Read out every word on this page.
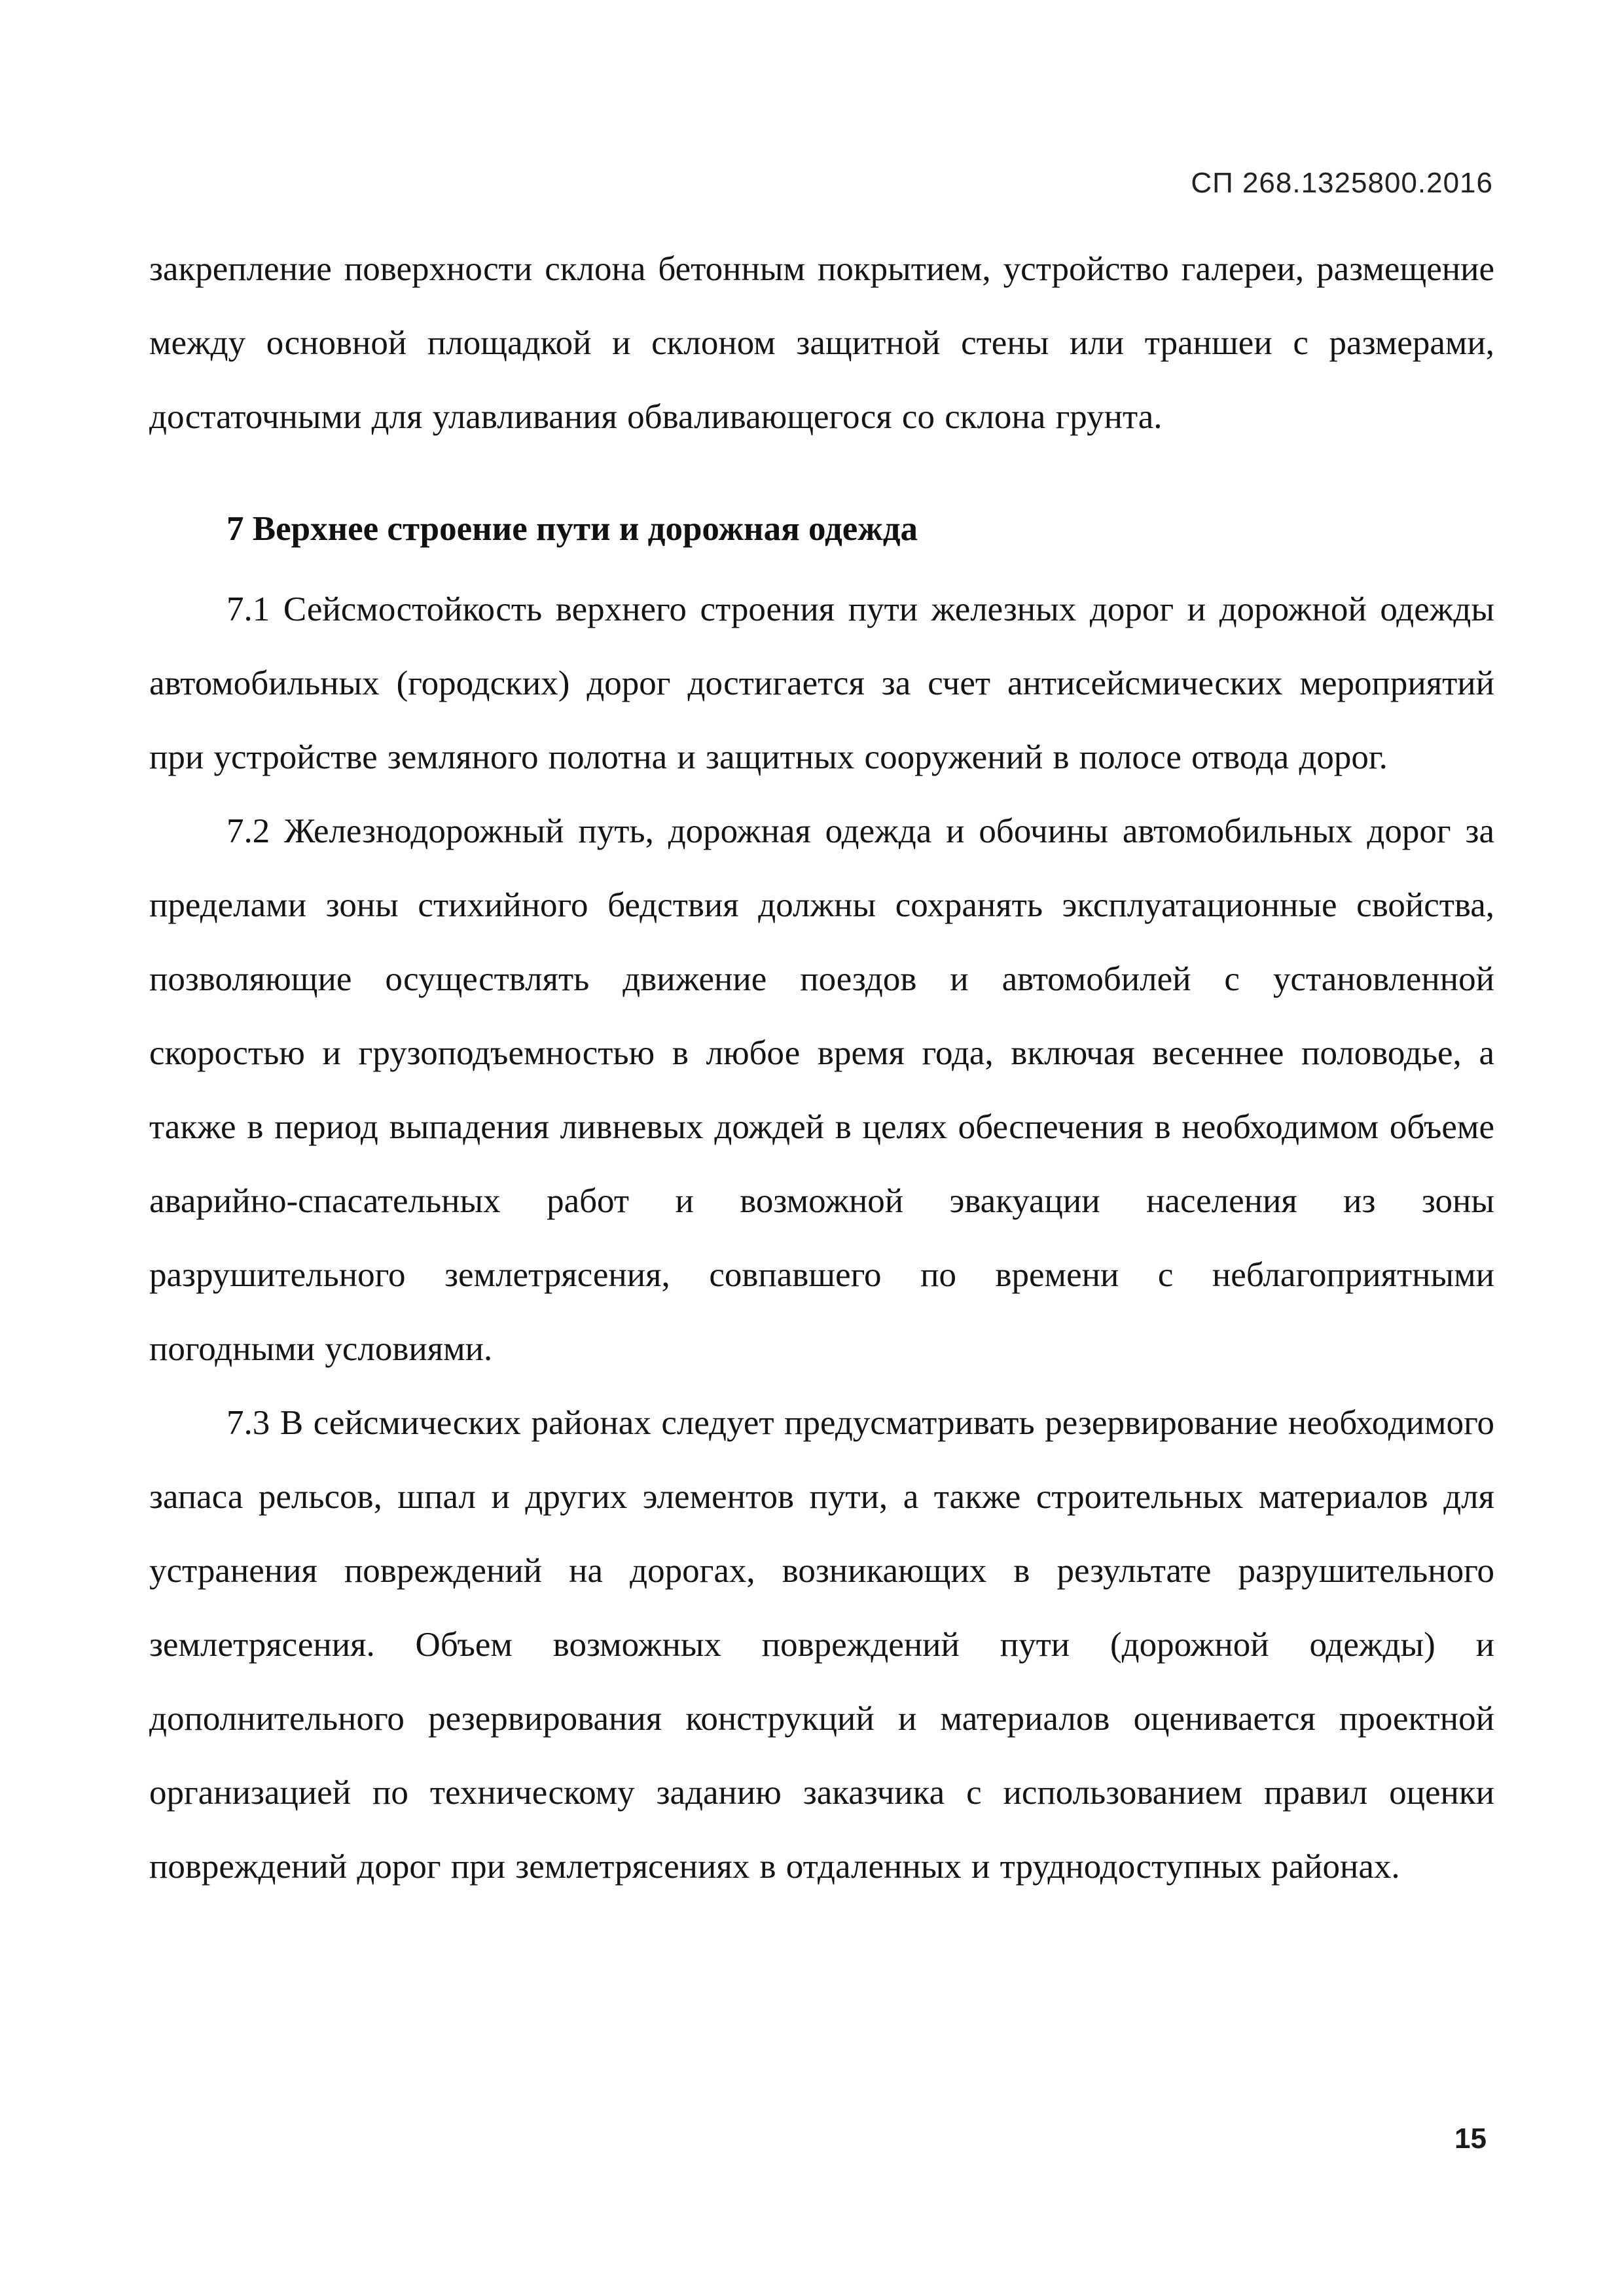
СП 268.1325800.2016

закрепление поверхности склона бетонным покрытием, устройство галереи, размещение между основной площадкой и склоном защитной стены или траншеи с размерами, достаточными для улавливания обваливающегося со склона грунта.

7 Верхнее строение пути и дорожная одежда

7.1 Сейсмостойкость верхнего строения пути железных дорог и дорожной одежды автомобильных (городских) дорог достигается за счет антисейсмических мероприятий при устройстве земляного полотна и защитных сооружений в полосе отвода дорог.

7.2 Железнодорожный путь, дорожная одежда и обочины автомобильных дорог за пределами зоны стихийного бедствия должны сохранять эксплуатационные свойства, позволяющие осуществлять движение поездов и автомобилей с установленной скоростью и грузоподъемностью в любое время года, включая весеннее половодье, а также в период выпадения ливневых дождей в целях обеспечения в необходимом объеме аварийно-спасательных работ и возможной эвакуации населения из зоны разрушительного землетрясения, совпавшего по времени с неблагоприятными погодными условиями.

7.3 В сейсмических районах следует предусматривать резервирование необходимого запаса рельсов, шпал и других элементов пути, а также строительных материалов для устранения повреждений на дорогах, возникающих в результате разрушительного землетрясения. Объем возможных повреждений пути (дорожной одежды) и дополнительного резервирования конструкций и материалов оценивается проектной организацией по техническому заданию заказчика с использованием правил оценки повреждений дорог при землетрясениях в отдаленных и труднодоступных районах.

15
